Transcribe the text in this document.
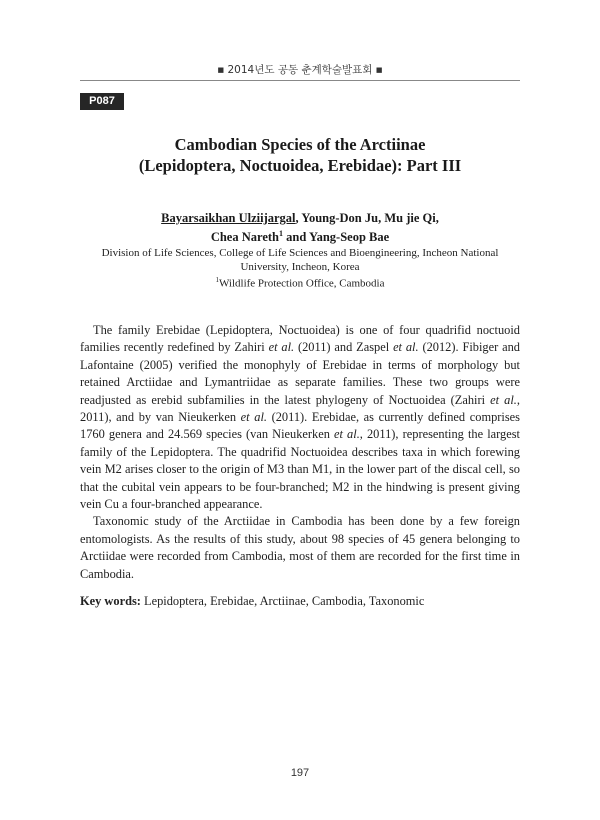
■ 2014년도 공동 춘계학술발표회 ■
P087
Cambodian Species of the Arctiinae
(Lepidoptera, Noctuoidea, Erebidae): Part III
Bayarsaikhan Ulziijargal, Young-Don Ju, Mu jie Qi,
Chea Nareth$^1$ and Yang-Seop Bae
Division of Life Sciences, College of Life Sciences and Bioengineering, Incheon National
University, Incheon, Korea
$^1$Wildlife Protection Office, Cambodia

The family Erebidae (Lepidoptera, Noctuoidea) is one of four quadrifid noctuoid families recently redefined by Zahiri et al. (2011) and Zaspel et al. (2012). Fibiger and Lafontaine (2005) verified the monophyly of Erebidae in terms of morphology but retained Arctiidae and Lymantriidae as separate families. These two groups were readjusted as erebid subfamilies in the latest phylogeny of Noctuoidea (Zahiri et al., 2011), and by van Nieukerken et al. (2011). Erebidae, as currently defined comprises 1760 genera and 24.569 species (van Nieukerken et al., 2011), representing the largest family of the Lepidoptera. The quadrifid Noctuoidea describes taxa in which forewing vein M2 arises closer to the origin of M3 than M1, in the lower part of the discal cell, so that the cubital vein appears to be four-branched; M2 in the hindwing is present giving vein Cu a four-branched appearance.

Taxonomic study of the Arctiidae in Cambodia has been done by a few foreign entomologists. As the results of this study, about 98 species of 45 genera belonging to Arctiidae were recorded from Cambodia, most of them are recorded for the first time in Cambodia.

Key words: Lepidoptera, Erebidae, Arctiinae, Cambodia, Taxonomic
197
